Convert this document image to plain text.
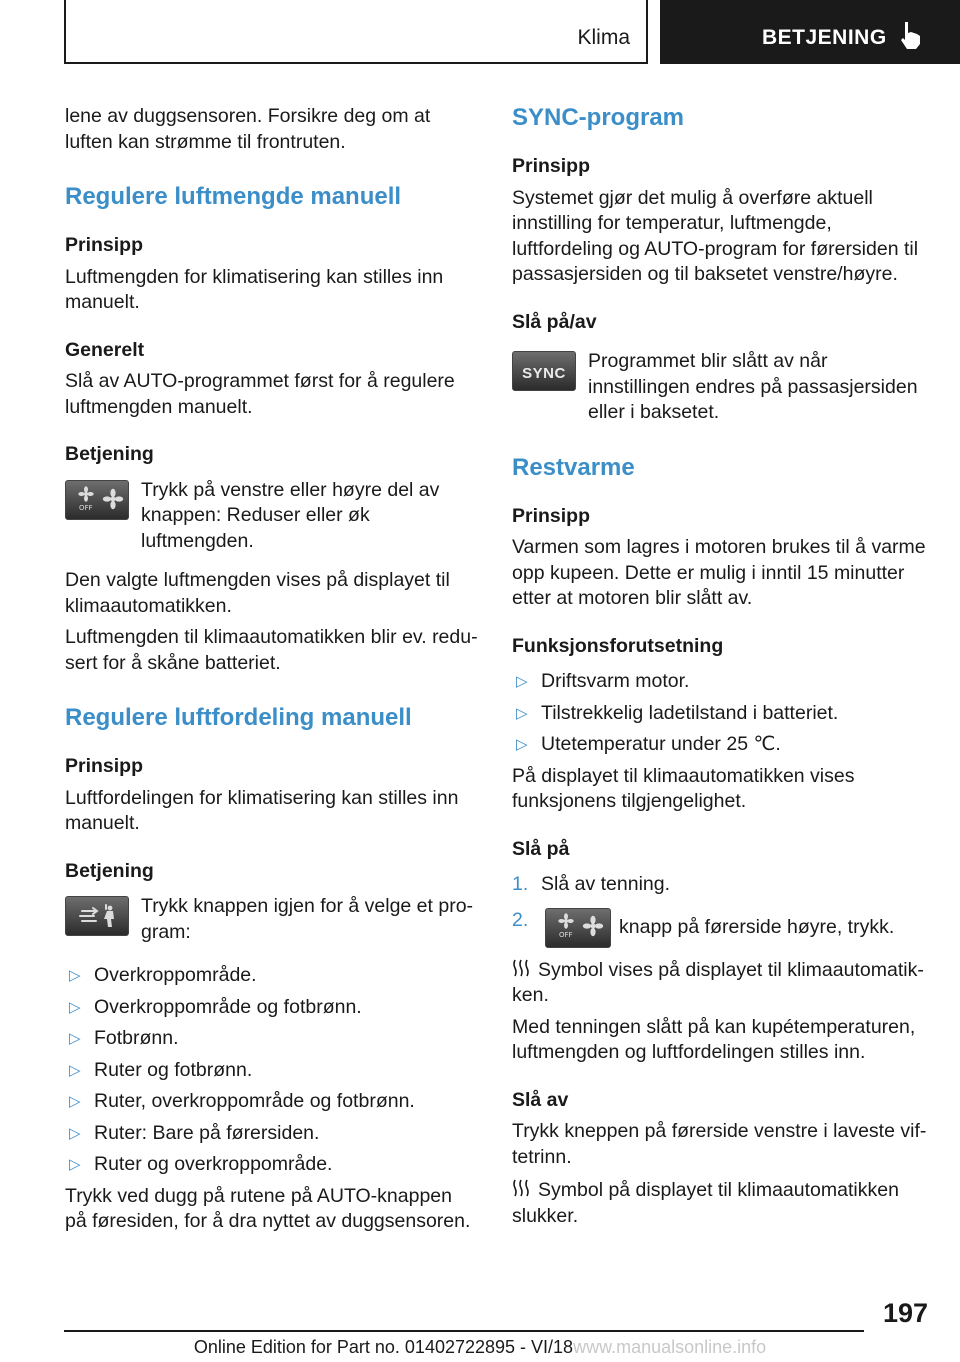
Klima	BETJENING

lene av duggsensoren. Forsikre deg om at luften kan strømme til frontruten.

Regulere luftmengde manuell

Prinsipp

Luftmengden for klimatisering kan stilles inn manuelt.

Generelt

Slå av AUTO-programmet først for å regulere luftmengden manuelt.

Betjening

OFF

Trykk på venstre eller høyre del av knappen: Reduser eller øk luftmengden.

Den valgte luftmengden vises på displayet til klimaautomatikken.

Luftmengden til klimaautomatikken blir ev. redusert for å skåne batteriet.

Regulere luftfordeling manuell

Prinsipp

Luftfordelingen for klimatisering kan stilles inn manuelt.

Betjening

Trykk knappen igjen for å velge et program:

▷ Overkroppområde.
▷ Overkroppområde og fotbrønn.
▷ Fotbrønn.
▷ Ruter og fotbrønn.
▷ Ruter, overkroppområde og fotbrønn.
▷ Ruter: Bare på førersiden.
▷ Ruter og overkroppområde.

Trykk ved dugg på rutene på AUTO-knappen på føresiden, for å dra nyttet av duggsensoren.

SYNC-program

Prinsipp

Systemet gjør det mulig å overføre aktuell innstilling for temperatur, luftmengde, luftfordeling og AUTO-program for førersiden til passasjersiden og til baksetet venstre/høyre.

Slå på/av

SYNC

Programmet blir slått av når innstillingen endres på passasjersiden eller i baksetet.

Restvarme

Prinsipp

Varmen som lagres i motoren brukes til å varme opp kupeen. Dette er mulig i inntil 15 minutter etter at motoren blir slått av.

Funksjonsforutsetning

▷ Driftsvarm motor.
▷ Tilstrekkelig ladetilstand i batteriet.
▷ Utetemperatur under 25 ℃.

På displayet til klimaautomatikken vises funksjonens tilgjengelighet.

Slå på

1. Slå av tenning.
2.
OFF knapp på førerside høyre, trykk.

Symbol vises på displayet til klimaautomatikken.

Med tenningen slått på kan kupétemperaturen, luftmengden og luftfordelingen stilles inn.

Slå av

Trykk kneppen på førerside venstre i laveste viftetrinn.

Symbol på displayet til klimaautomatikken slukker.

197
Online Edition for Part no. 01402722895 - VI/18www.manualsonline.info
